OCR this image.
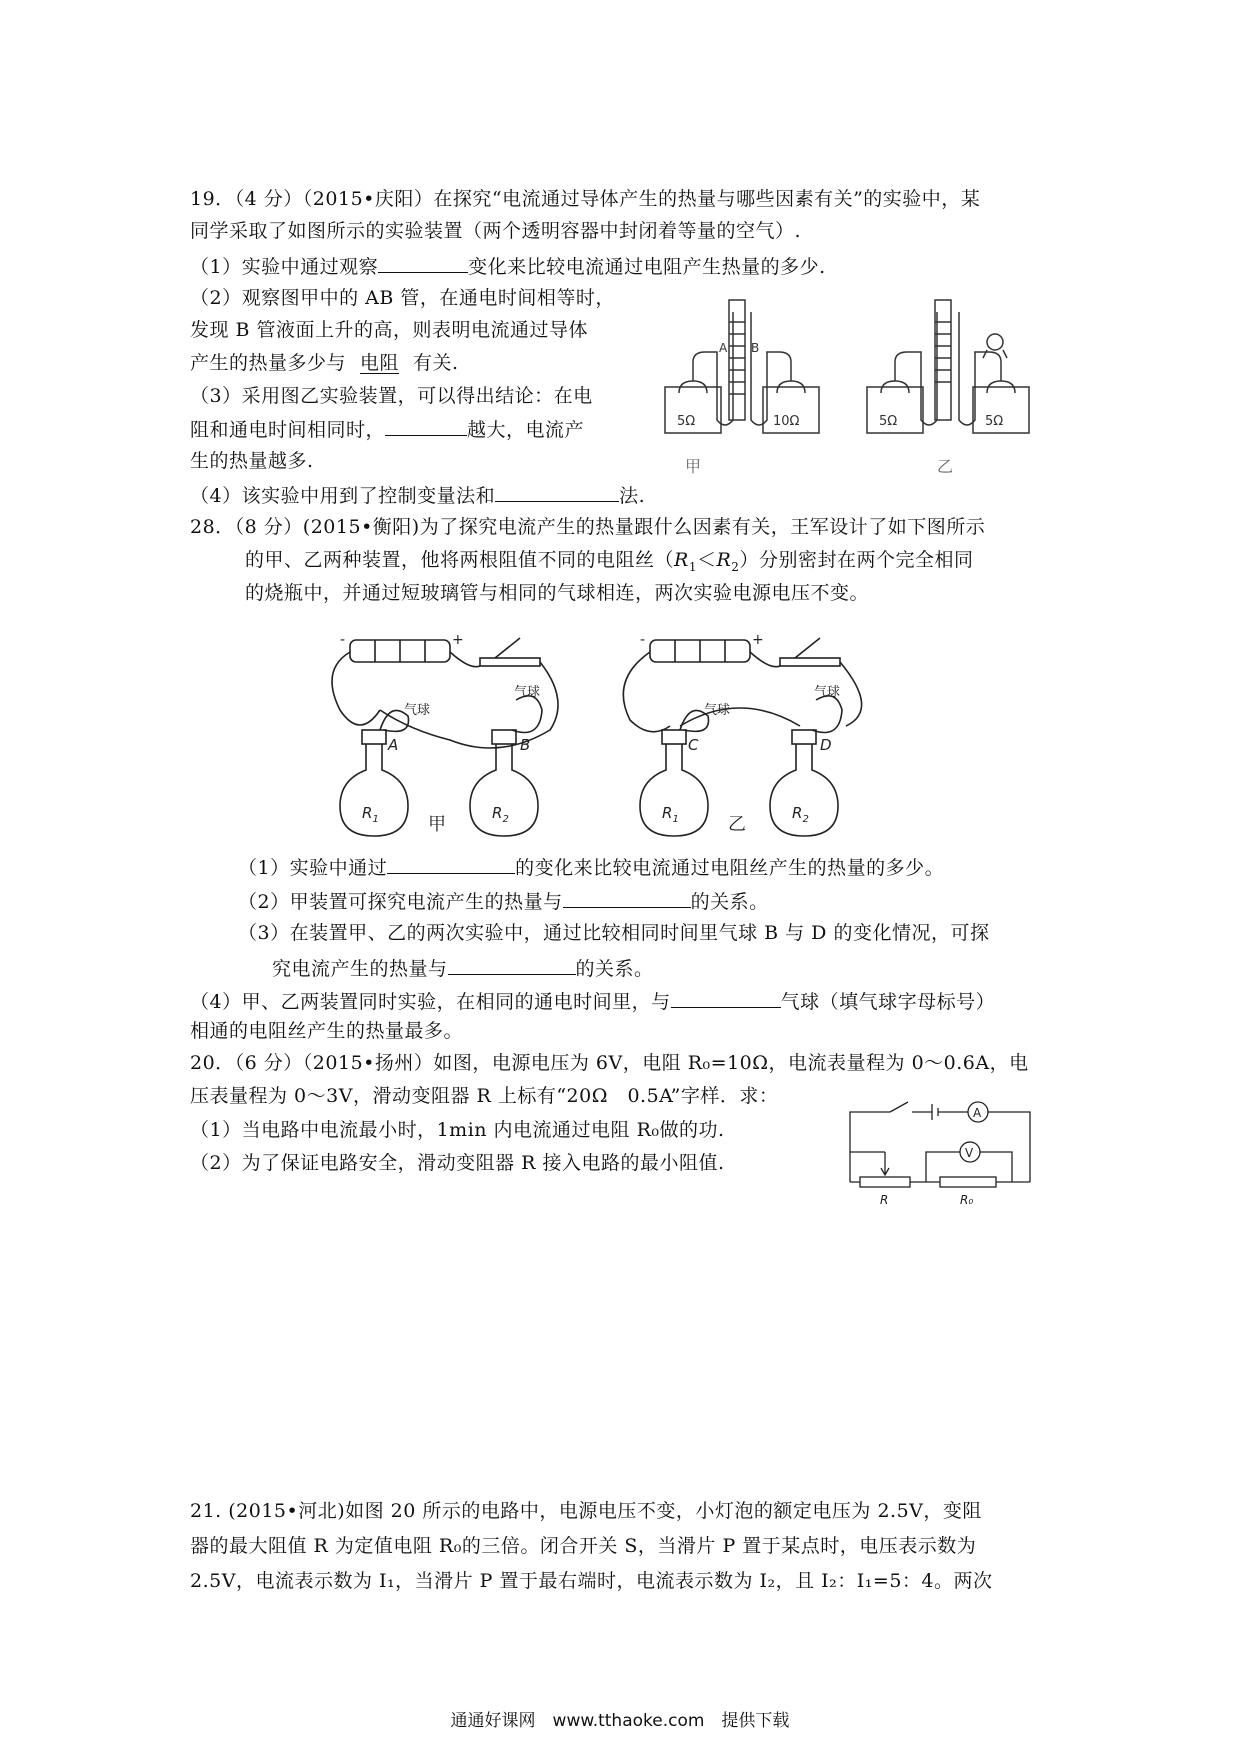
19．（4 分）（2015•庆阳）在探究“电流通过导体产生的热量与哪些因素有关”的实验中，某
同学采取了如图所示的实验装置（两个透明容器中封闭着等量的空气）.
（1）实验中通过观察	变化来比较电流通过电阻产生热量的多少.
（2）观察图甲中的 AB 管，在通电时间相等时，
发现 B 管液面上升的高，则表明电流通过导体
产生的热量多少与 电阻 有关.
（3）采用图乙实验装置，可以得出结论：在电
阻和通电时间相同时，	越大，电流产
生的热量越多.
（4）该实验中用到了控制变量法和	法.
A B
5Ω	10Ω
甲
5Ω	5Ω
乙
28．（8 分）(2015•衡阳)为了探究电流产生的热量跟什么因素有关，王军设计了如下图所示
的甲、乙两种装置，他将两根阻值不同的电阻丝$(R_1<R_2)$分别密封在两个完全相同
的烧瓶中，并通过短玻璃管与相同的气球相连，两次实验电源电压不变。
-	+
气球
A
$R_1$
气球
B
$R_2$
甲
-	+
气球
C
$R_1$
气球
D
$R_2$
乙
（1）实验中通过	的变化来比较电流通过电阻丝产生的热量的多少。
（2）甲装置可探究电流产生的热量与	的关系。
（3）在装置甲、乙的两次实验中，通过比较相同时间里气球 B 与 D 的变化情况，可探
究电流产生的热量与	的关系。
（4）甲、乙两装置同时实验，在相同的通电时间里，与	气球（填气球字母标号）
相通的电阻丝产生的热量最多。
20．（6 分）（2015•扬州）如图，电源电压为 6V，电阻 R₀=10Ω，电流表量程为 0～0.6A，电
压表量程为 0～3V，滑动变阻器 R 上标有“20Ω　0.5A”字样．求：
（1）当电路中电流最小时，1min 内电流通过电阻 R₀做的功.
（2）为了保证电路安全，滑动变阻器 R 接入电路的最小阻值.
A
V
R	R₀
21. (2015•河北)如图 20 所示的电路中，电源电压不变，小灯泡的额定电压为 2.5V，变阻
器的最大阻值 R 为定值电阻 R₀的三倍。闭合开关 S，当滑片 P 置于某点时，电压表示数为
2.5V，电流表示数为 I₁，当滑片 P 置于最右端时，电流表示数为 I₂，且 I₂：I₁=5：4。两次
通通好课网　www.tthaoke.com　提供下载
